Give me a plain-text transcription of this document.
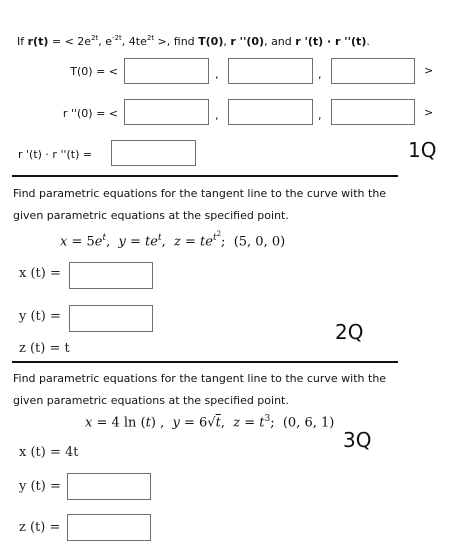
If r(t) = < $2e^{2t}$, $e^{-2t}$, $4te^{2t}$ >, find T(0), r ''(0), and r '(t) · r ''(t).
T(0) = <	,	,	>
r ''(0) = <	,	,	>
r '(t) · r ''(t) =	1Q
Find parametric equations for the tangent line to the curve with the given parametric equations at the specified point.
$x = 5e^t$,  $y = te^t$,  $z = te^{t^2}$;  (5, 0, 0)
x (t) =
y (t) =
z (t) = t
2Q
Find parametric equations for the tangent line to the curve with the given parametric equations at the specified point.
x = 4 ln (t) ,  y = 6√t,  $z = t^3$;  (0, 6, 1)
x (t) = 4t
3Q
y (t) =
z (t) =
